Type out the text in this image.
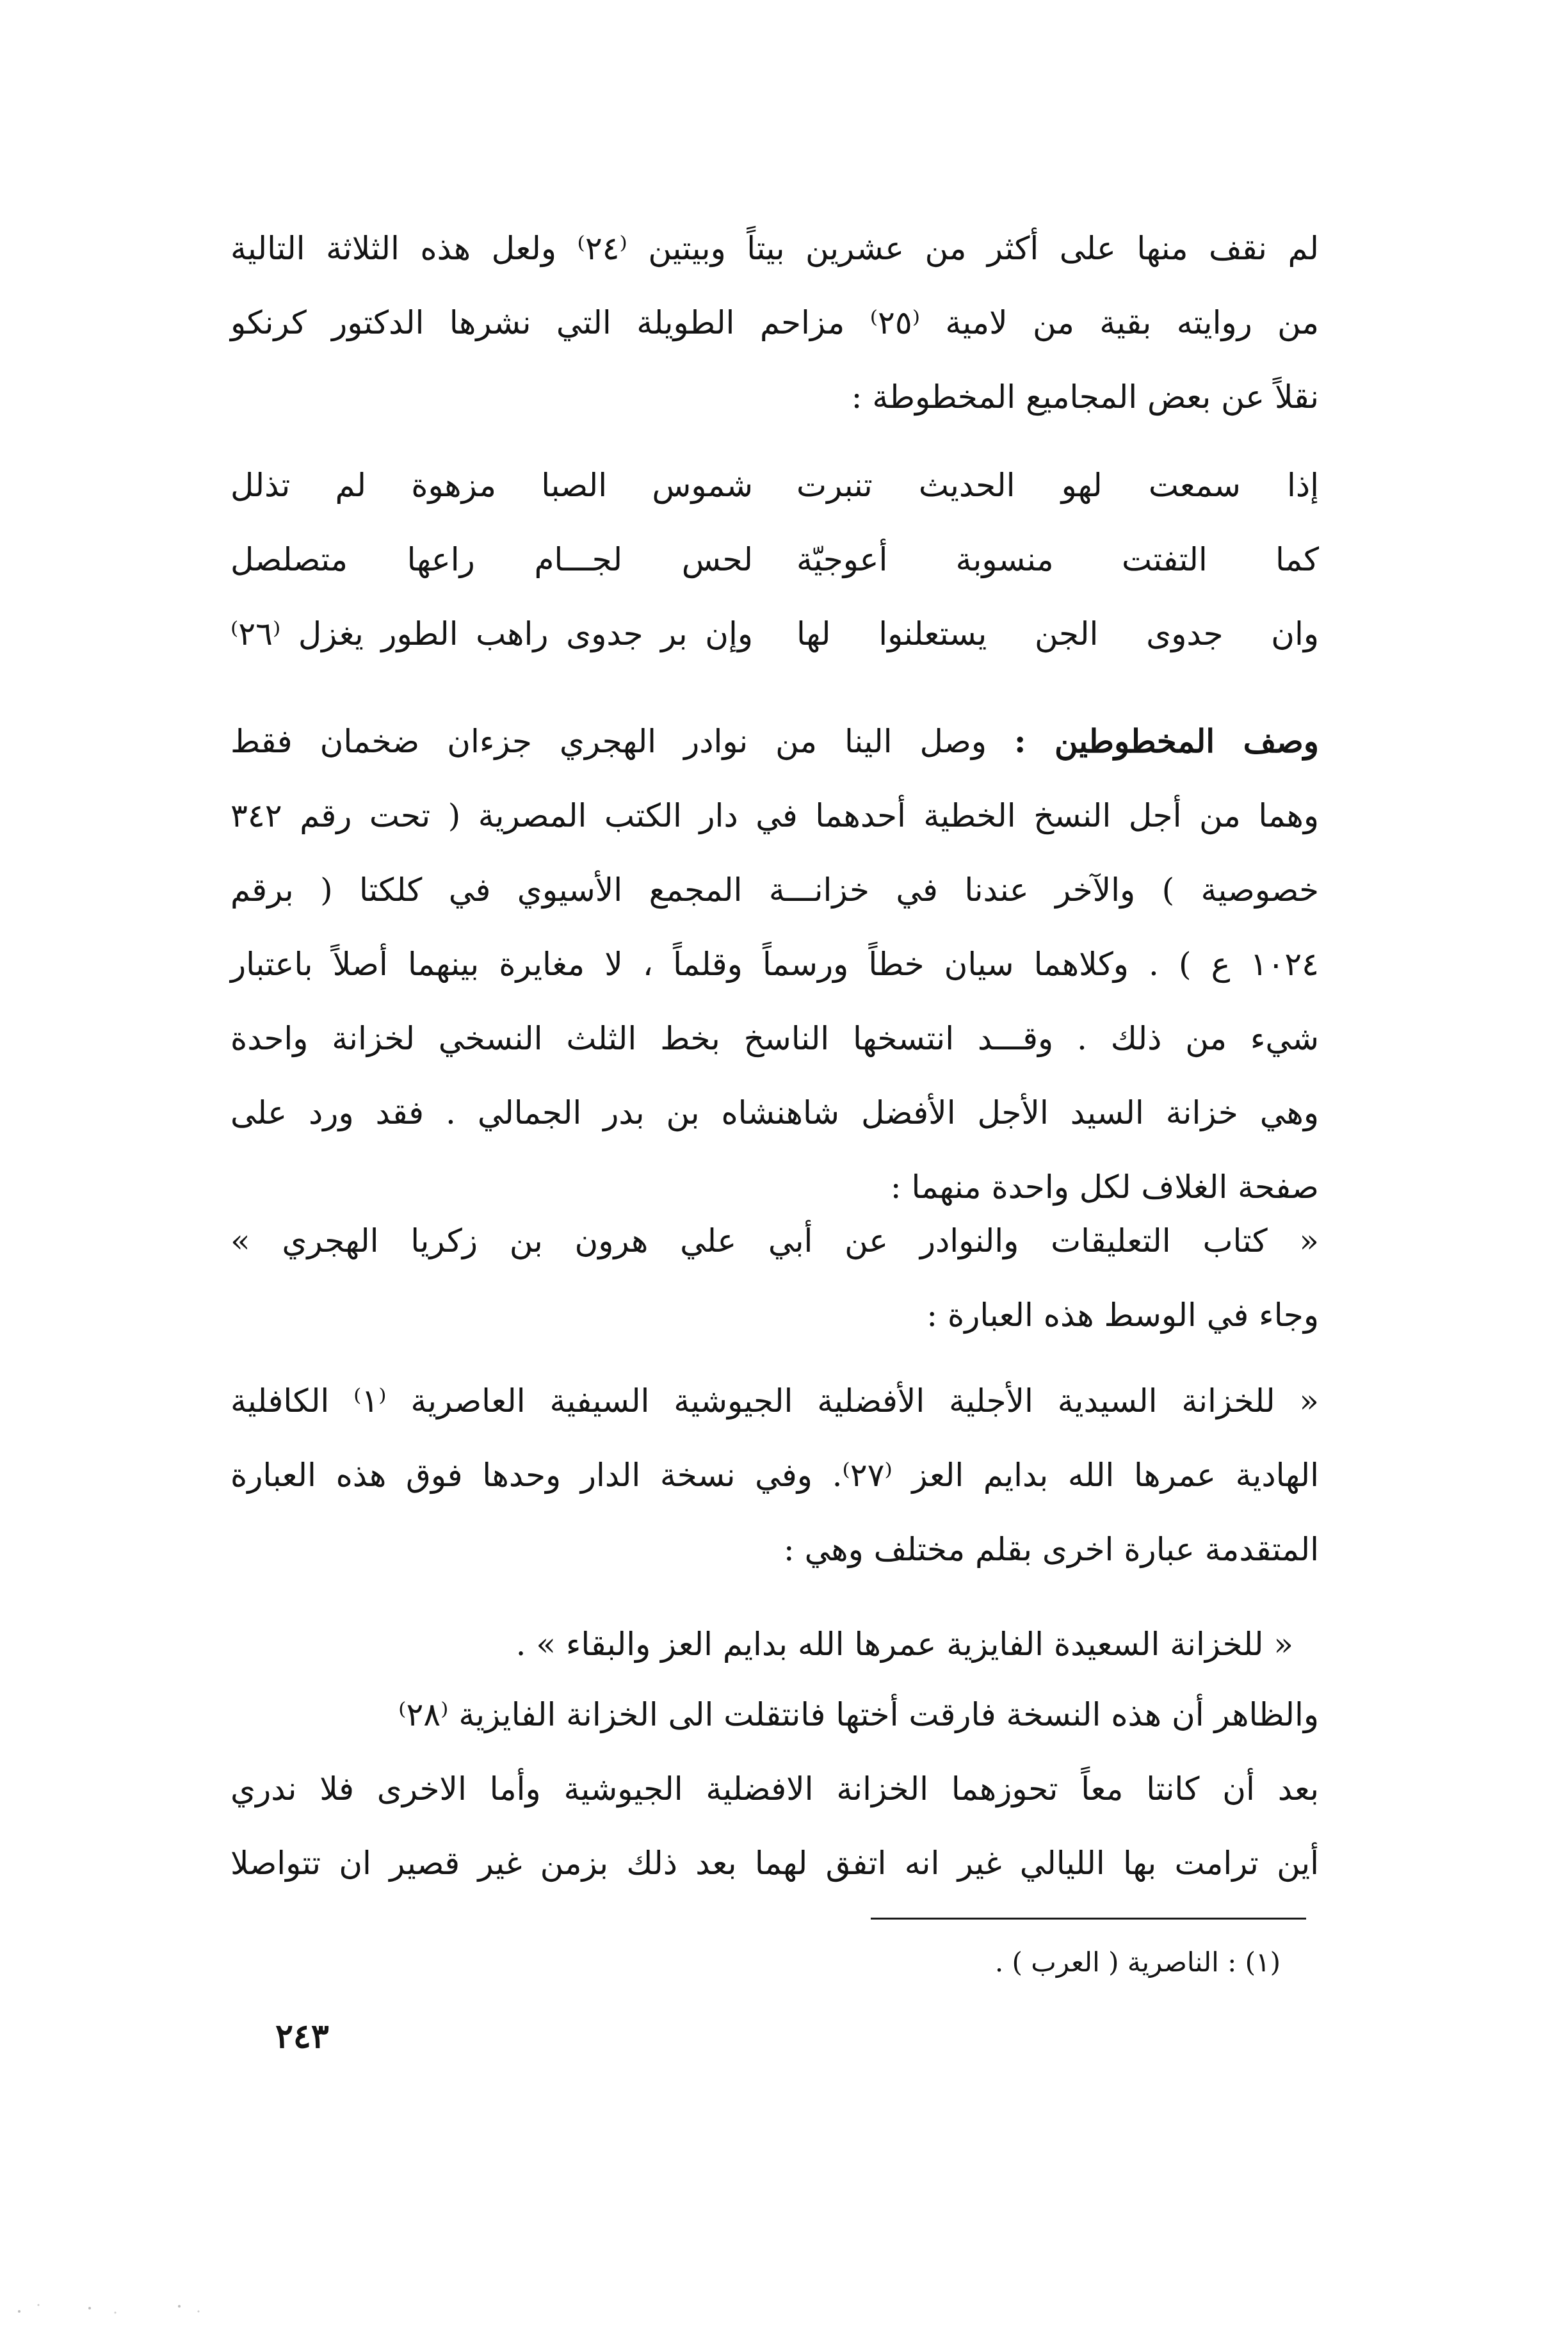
لم نقف منها على أكثر من عشرين بيتاً وبيتين ⁽٢٤⁾ ولعل هذه الثلاثة التالية

من روايته بقية من لامية ⁽٢٥⁾ مزاحم الطويلة التي نشرها الدكتور كرنكو

نقلاً عن بعض المجاميع المخطوطة :

إذا سمعت لهو الحديث تنبرت
شموس الصبا مزهوة لم تذلل
كما التفتت منسوبة أعوجيّة
لحس لجـــام راعها متصلصل
وان جدوى الجن يستعلنوا لها
وإن بر جدوى راهب الطور يغزل ⁽٢٦⁾

وصف المخطوطين : وصل الينا من نوادر الهجري جزءان ضخمان فقط

وهما من أجل النسخ الخطية أحدهما في دار الكتب المصرية ( تحت رقم ٣٤٢

خصوصية ) والآخر عندنا في خزانـــة المجمع الأسيوي في كلكتا ( برقم

١٠٢٤ ع ) . وكلاهما سيان خطاً ورسماً وقلماً ، لا مغايرة بينهما أصلاً باعتبار

شيء من ذلك . وقـــد انتسخها الناسخ بخط الثلث النسخي لخزانة واحدة

وهي خزانة السيد الأجل الأفضل شاهنشاه بن بدر الجمالي . فقد ورد على

صفحة الغلاف لكل واحدة منهما :

« كتاب التعليقات والنوادر عن أبي علي هرون بن زكريا الهجري »

وجاء في الوسط هذه العبارة :

« للخزانة السيدية الأجلية الأفضلية الجيوشية السيفية العاصرية ⁽١⁾ الكافلية

الهادية عمرها الله بدايم العز ⁽٢٧⁾. وفي نسخة الدار وحدها فوق هذه العبارة

المتقدمة عبارة اخرى بقلم مختلف وهي :

« للخزانة السعيدة الفايزية عمرها الله بدايم العز والبقاء » .

والظاهر أن هذه النسخة فارقت أختها فانتقلت الى الخزانة الفايزية ⁽٢٨⁾

بعد أن كانتا معاً تحوزهما الخزانة الافضلية الجيوشية وأما الاخرى فلا ندري

أين ترامت بها الليالي غير انه اتفق لهما بعد ذلك بزمن غير قصير ان تتواصلا

(١) : الناصرية ( العرب ) .
٢٤٣
